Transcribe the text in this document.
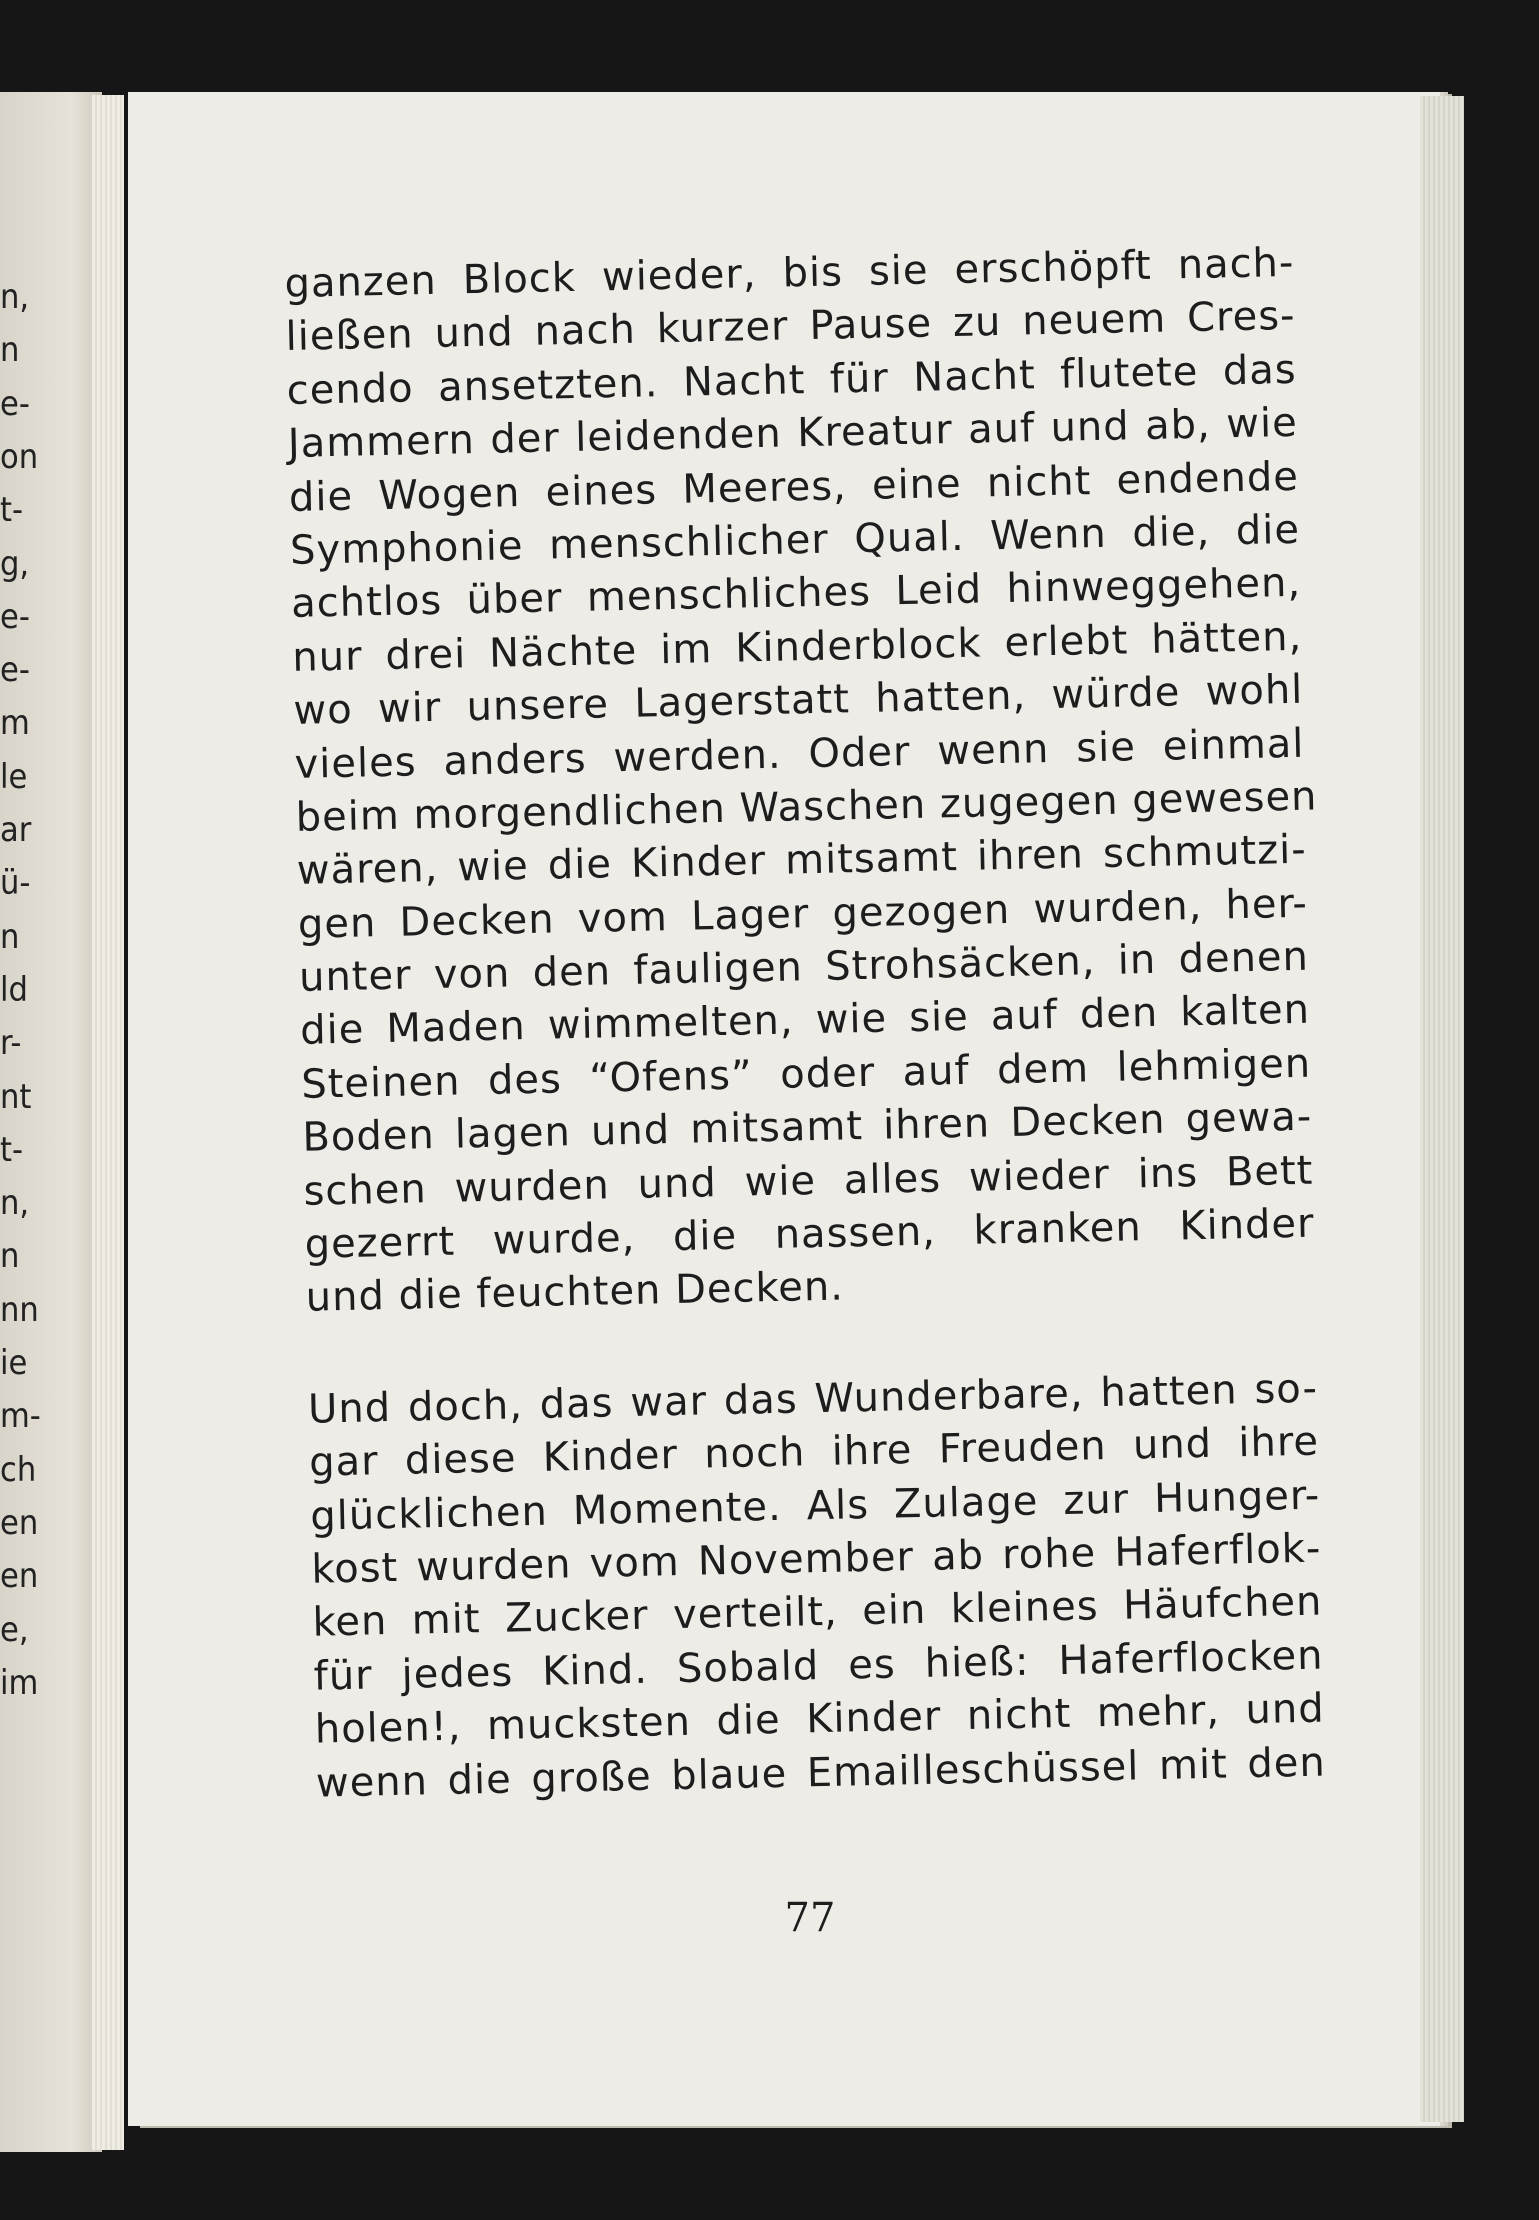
n,
n
e-
on
t-
g,
e-
e-
m
le
ar
ü-
n
ld
r-
nt
t-
n,
n
nn
ie
m-
ch
en
en
e,
im
ganzen Block wieder, bis sie erschöpft nach-
ließen und nach kurzer Pause zu neuem Cres-
cendo ansetzten. Nacht für Nacht flutete das
Jammern der leidenden Kreatur auf und ab, wie
die Wogen eines Meeres, eine nicht endende
Symphonie menschlicher Qual. Wenn die, die
achtlos über menschliches Leid hinweggehen,
nur drei Nächte im Kinderblock erlebt hätten,
wo wir unsere Lagerstatt hatten, würde wohl
vieles anders werden. Oder wenn sie einmal
beim morgendlichen Waschen zugegen gewesen
wären, wie die Kinder mitsamt ihren schmutzi-
gen Decken vom Lager gezogen wurden, her-
unter von den fauligen Strohsäcken, in denen
die Maden wimmelten, wie sie auf den kalten
Steinen des “Ofens” oder auf dem lehmigen
Boden lagen und mitsamt ihren Decken gewa-
schen wurden und wie alles wieder ins Bett
gezerrt wurde, die nassen, kranken Kinder
und die feuchten Decken.
Und doch, das war das Wunderbare, hatten so-
gar diese Kinder noch ihre Freuden und ihre
glücklichen Momente. Als Zulage zur Hunger-
kost wurden vom November ab rohe Haferflok-
ken mit Zucker verteilt, ein kleines Häufchen
für jedes Kind. Sobald es hieß: Haferflocken
holen!, mucksten die Kinder nicht mehr, und
wenn die große blaue Emailleschüssel mit den
77
